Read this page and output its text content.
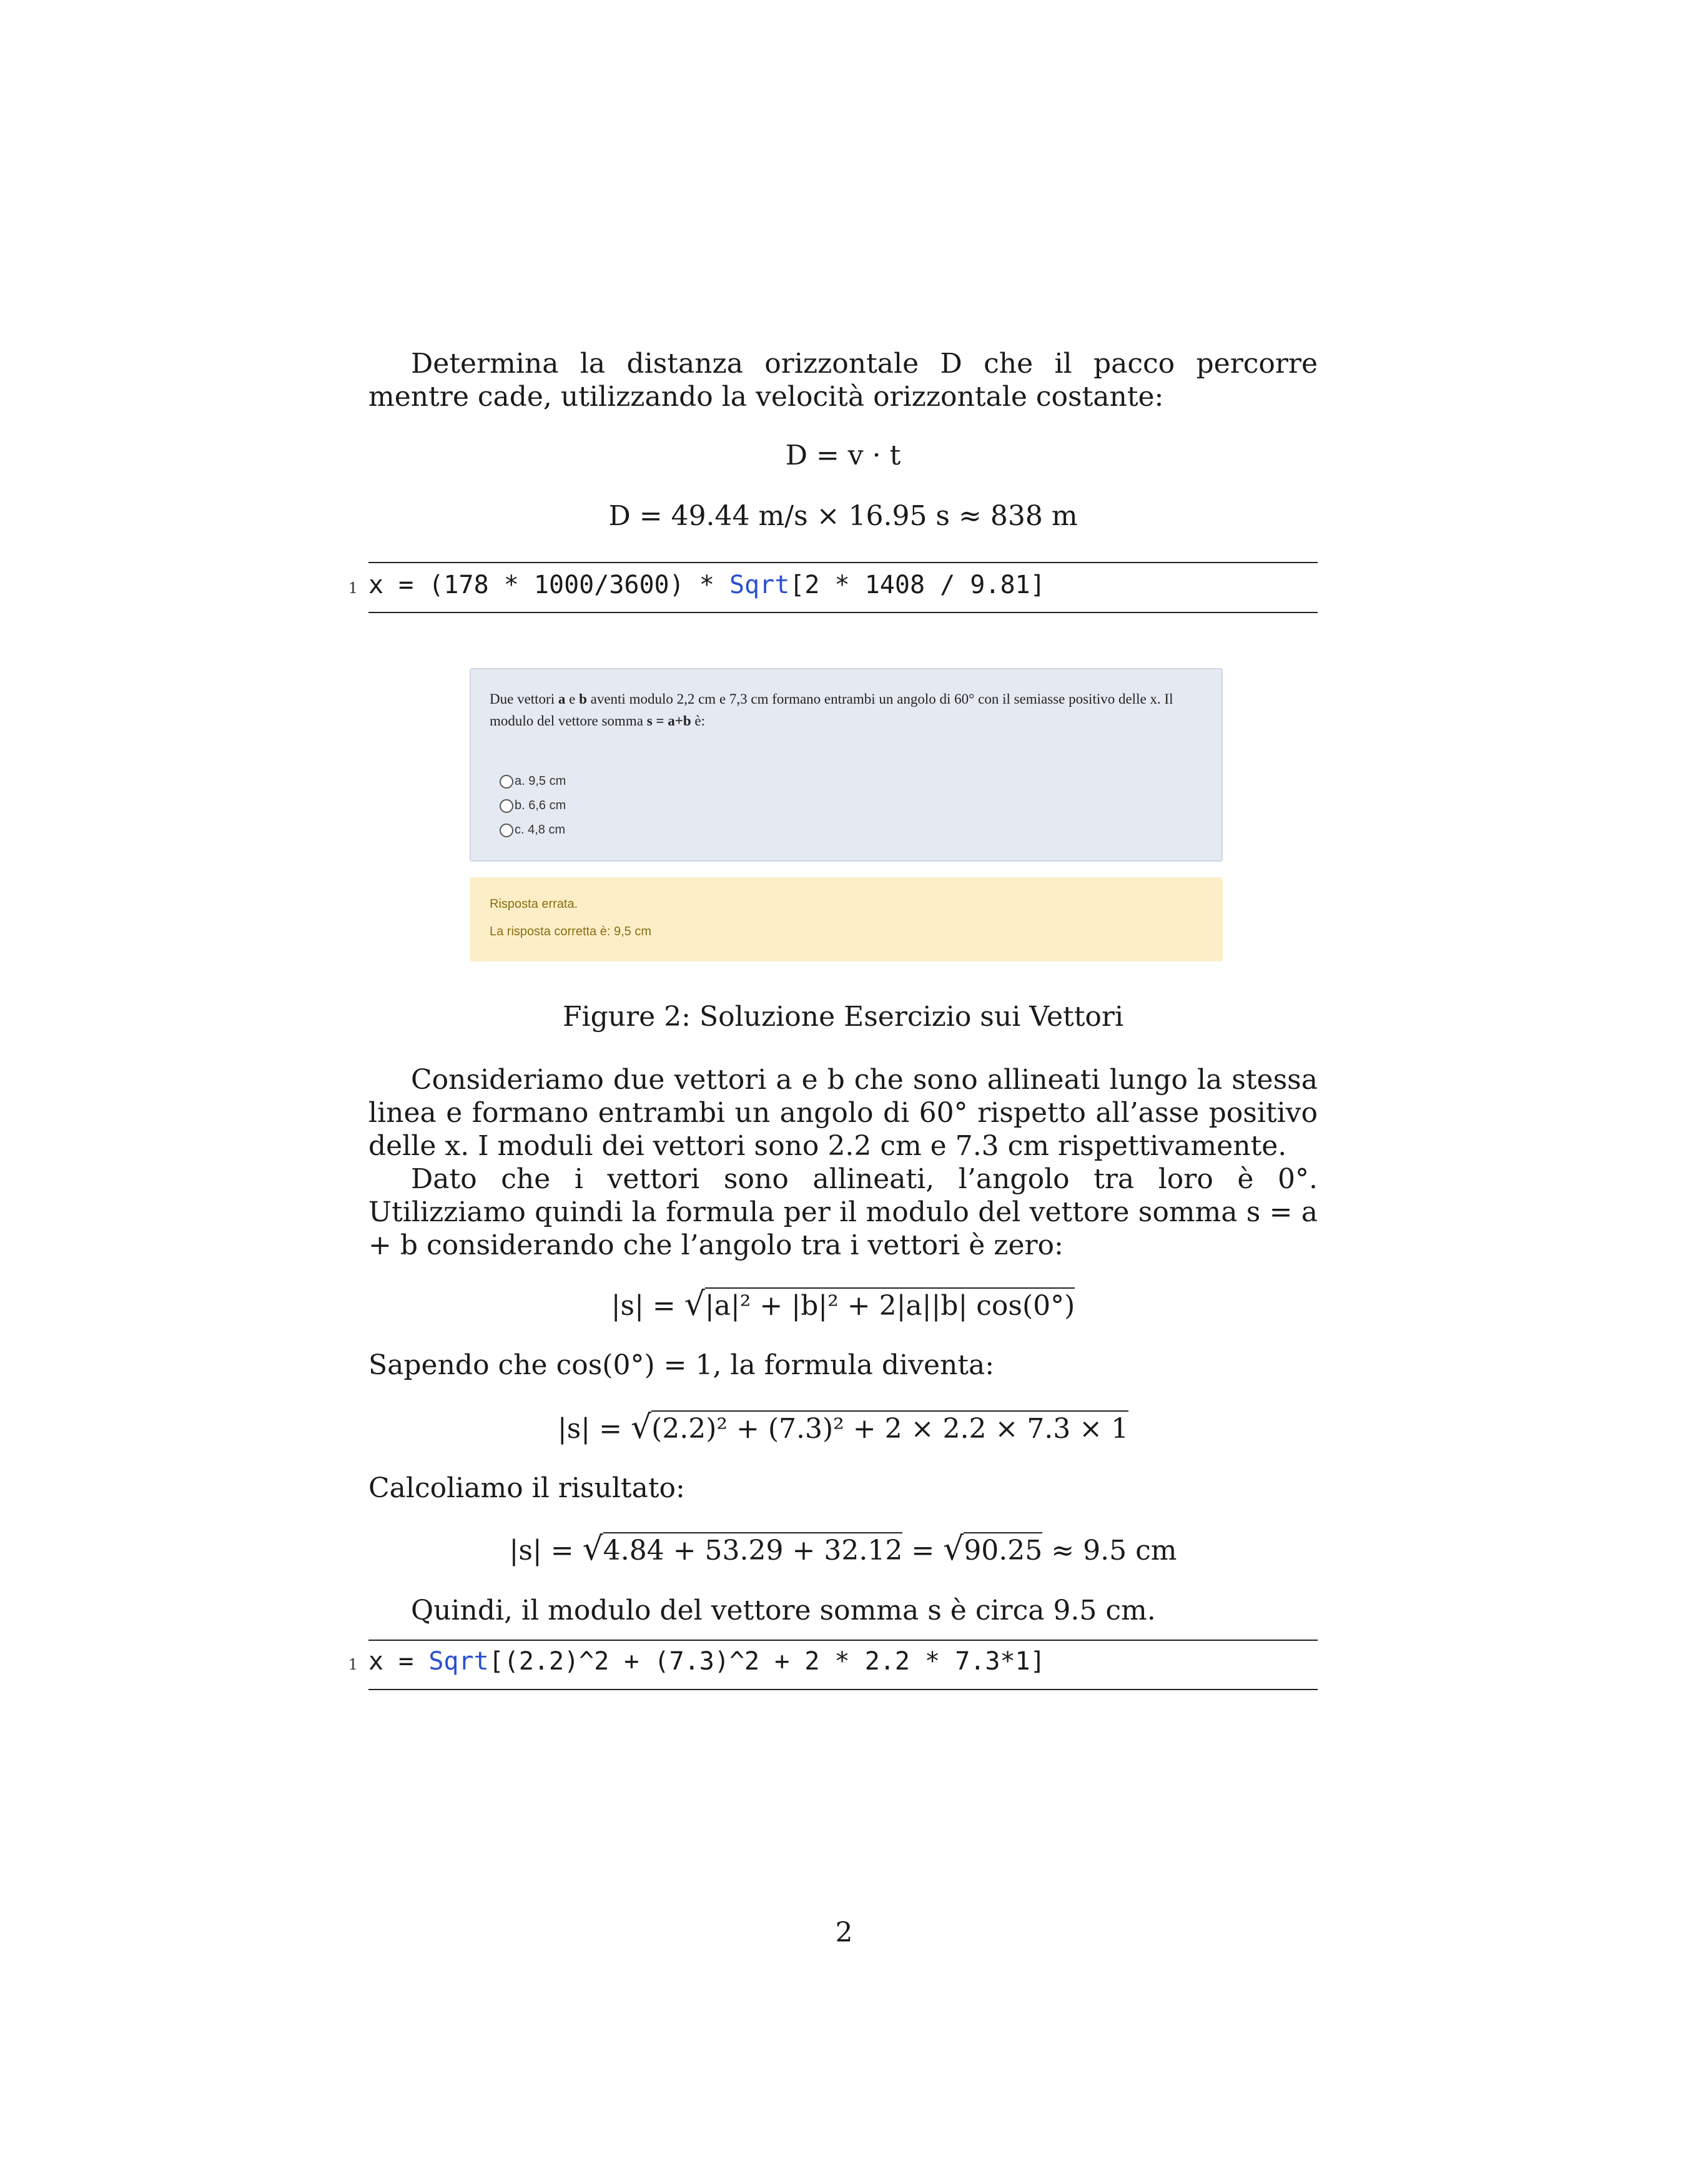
Determina la distanza orizzontale D che il pacco percorre mentre cade, utilizzando la velocità orizzontale costante:
D = v · t
D = 49.44 m/s × 16.95 s ≈ 838 m
1 x = (178 * 1000/3600) * Sqrt[2 * 1408 / 9.81]
Due vettori a e b aventi modulo 2,2 cm e 7,3 cm formano entrambi un angolo di 60° con il semiasse positivo delle x. Il modulo del vettore somma s = a+b è:
a. 9,5 cm
b. 6,6 cm
c. 4,8 cm
Risposta errata.
La risposta corretta è: 9,5 cm
Figure 2: Soluzione Esercizio sui Vettori
Consideriamo due vettori a e b che sono allineati lungo la stessa linea e formano entrambi un angolo di 60° rispetto all’asse positivo delle x. I moduli dei vettori sono 2.2 cm e 7.3 cm rispettivamente.
Dato che i vettori sono allineati, l’angolo tra loro è 0°. Utilizziamo quindi la formula per il modulo del vettore somma s = a + b considerando che l’angolo tra i vettori è zero:
|s| = √|a|² + |b|² + 2|a||b| cos(0°)
Sapendo che cos(0°) = 1, la formula diventa:
|s| = √(2.2)² + (7.3)² + 2 × 2.2 × 7.3 × 1
Calcoliamo il risultato:
|s| = √4.84 + 53.29 + 32.12 = √90.25 ≈ 9.5 cm
Quindi, il modulo del vettore somma s è circa 9.5 cm.
1 x = Sqrt[(2.2)^2 + (7.3)^2 + 2 * 2.2 * 7.3*1]
2
